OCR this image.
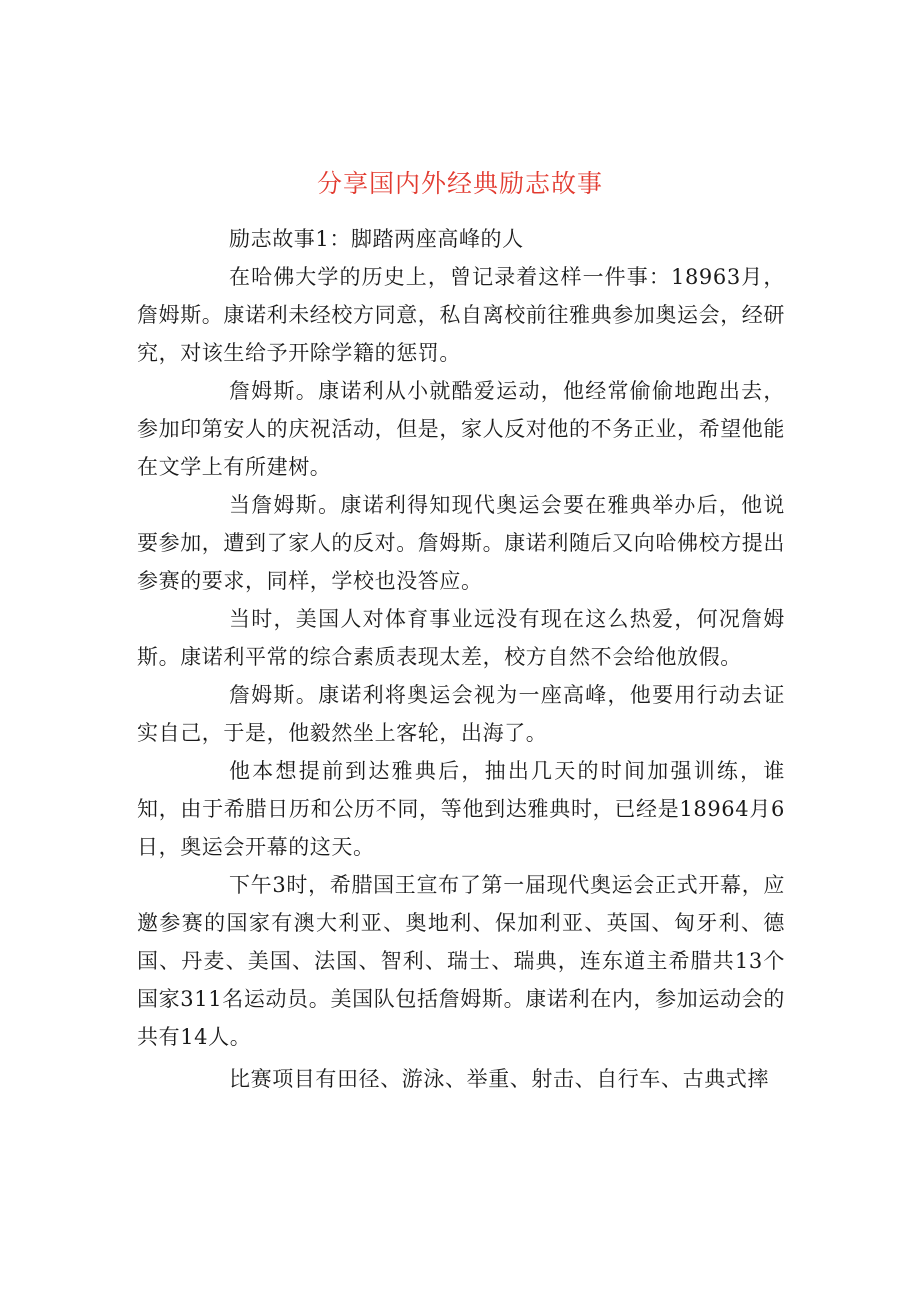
分享国内外经典励志故事

励志故事1：脚踏两座高峰的人

在哈佛大学的历史上，曾记录着这样一件事：18963月，詹姆斯。康诺利未经校方同意，私自离校前往雅典参加奥运会，经研究，对该生给予开除学籍的惩罚。

詹姆斯。康诺利从小就酷爱运动，他经常偷偷地跑出去，参加印第安人的庆祝活动，但是，家人反对他的不务正业，希望他能在文学上有所建树。

当詹姆斯。康诺利得知现代奥运会要在雅典举办后，他说要参加，遭到了家人的反对。詹姆斯。康诺利随后又向哈佛校方提出参赛的要求，同样，学校也没答应。

当时，美国人对体育事业远没有现在这么热爱，何况詹姆斯。康诺利平常的综合素质表现太差，校方自然不会给他放假。

詹姆斯。康诺利将奥运会视为一座高峰，他要用行动去证实自己，于是，他毅然坐上客轮，出海了。

他本想提前到达雅典后，抽出几天的时间加强训练，谁知，由于希腊日历和公历不同，等他到达雅典时，已经是18964月6日，奥运会开幕的这天。

下午3时，希腊国王宣布了第一届现代奥运会正式开幕，应邀参赛的国家有澳大利亚、奥地利、保加利亚、英国、匈牙利、德国、丹麦、美国、法国、智利、瑞士、瑞典，连东道主希腊共13个国家311名运动员。美国队包括詹姆斯。康诺利在内，参加运动会的共有14人。

比赛项目有田径、游泳、举重、射击、自行车、古典式摔
